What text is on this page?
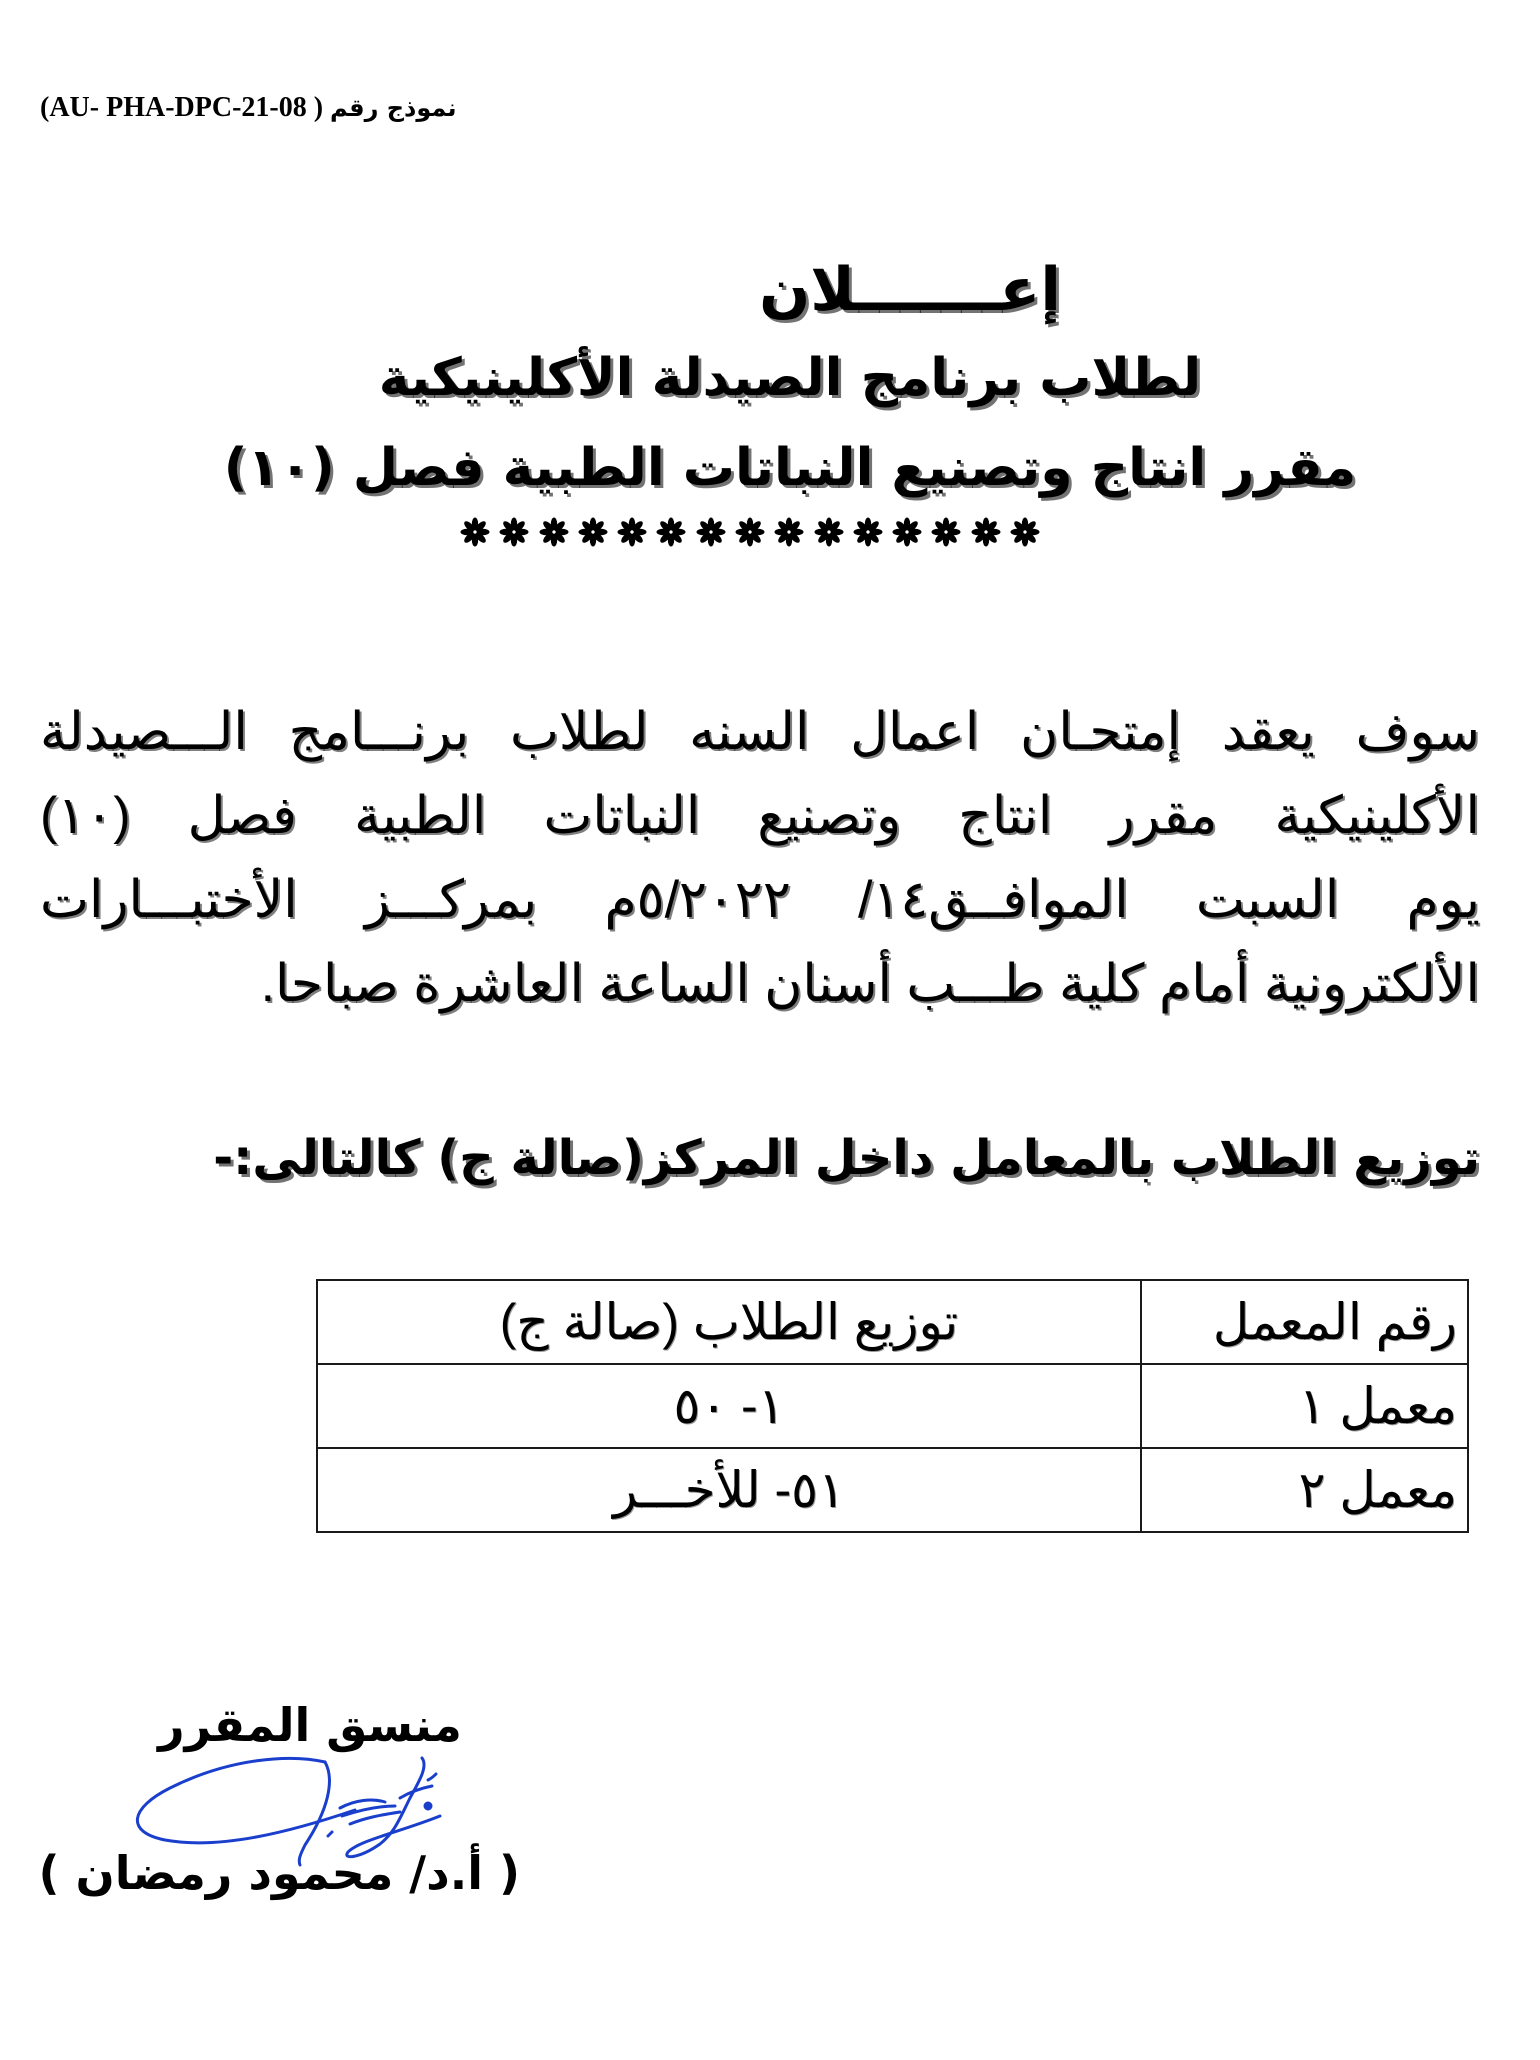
(AU- PHA-DPC-21-08 ) نموذج رقم
إعـــــــلان
لطلاب برنامج الصيدلة الأكلينيكية
مقرر انتاج وتصنيع النباتات الطبية فصل (١٠)
سوف يعقد إمتحـان اعمال السنه لطلاب برنـــامج الـــصيدلة
الأكلينيكية مقرر انتاج وتصنيع النباتات الطبية فصل (١٠)
يوم السبت الموافــق١٤/ ٥/٢٠٢٢م بمركـــز الأختبـــارات
الألكترونية أمام كلية طـــب أسنان الساعة العاشرة صباحا.
توزيع الطلاب بالمعامل داخل المركز(صالة ج) كالتالى:-
رقم المعمل	توزيع الطلاب (صالة ج)
معمل ١	١- ٥٠
معمل ٢	٥١- للأخـــر
منسق المقرر
( أ.د/ محمود رمضان )
